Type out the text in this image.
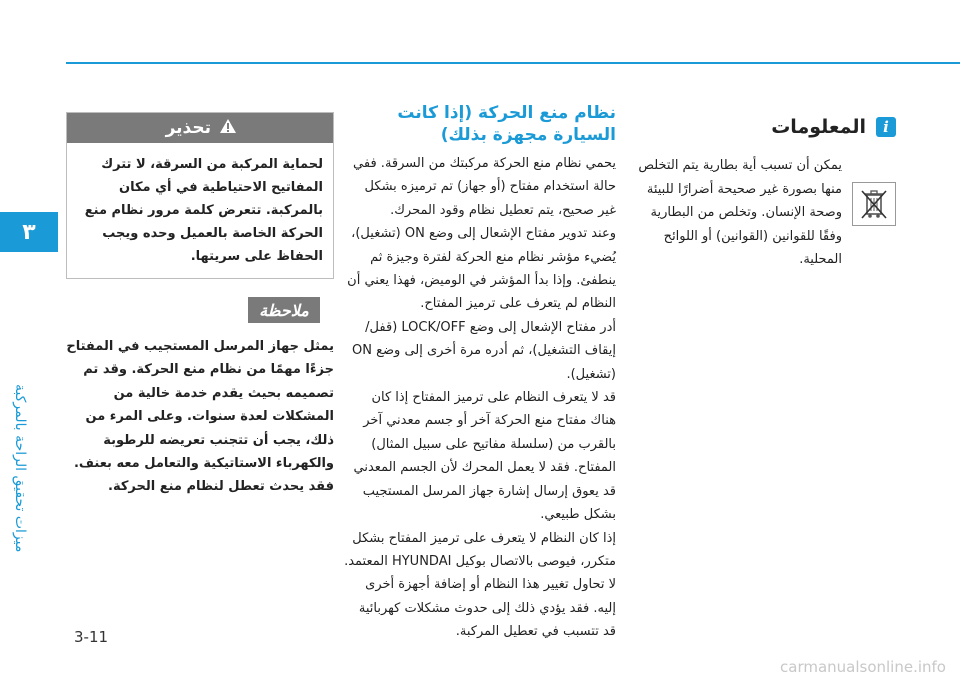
٣
ميزات تحقيق الراحة بالمركبة
i
المعلومات
يمكن أن تسبب أية بطارية يتم التخلص منها بصورة غير صحيحة أضرارًا للبيئة وصحة الإنسان. وتخلص من البطارية وفقًا للقوانين (القوانين) أو اللوائح المحلية.
نظام منع الحركة (إذا كانت السيارة مجهزة بذلك)
يحمي نظام منع الحركة مركبتك من السرقة. ففي حالة استخدام مفتاح (أو جهاز) تم ترميزه بشكل غير صحيح، يتم تعطيل نظام وقود المحرك.
وعند تدوير مفتاح الإشعال إلى وضع ON (تشغيل)، يُضيء مؤشر نظام منع الحركة لفترة وجيزة ثم ينطفئ. وإذا بدأ المؤشر في الوميض، فهذا يعني أن النظام لم يتعرف على ترميز المفتاح.
أدر مفتاح الإشعال إلى وضع LOCK/OFF (قفل/ إيقاف التشغيل)، ثم أدره مرة أخرى إلى وضع ON (تشغيل).
قد لا يتعرف النظام على ترميز المفتاح إذا كان هناك مفتاح منع الحركة آخر أو جسم معدني آخر بالقرب من (سلسلة مفاتيح على سبيل المثال) المفتاح. فقد لا يعمل المحرك لأن الجسم المعدني قد يعوق إرسال إشارة جهاز المرسل المستجيب بشكل طبيعي.
إذا كان النظام لا يتعرف على ترميز المفتاح بشكل متكرر، فيوصى بالاتصال بوكيل HYUNDAI المعتمد.
لا تحاول تغيير هذا النظام أو إضافة أجهزة أخرى إليه. فقد يؤدي ذلك إلى حدوث مشكلات كهربائية قد تتسبب في تعطيل المركبة.
تحذير
لحماية المركبة من السرقة، لا تترك المفاتيح الاحتياطية في أي مكان بالمركبة. تتعرض كلمة مرور نظام منع الحركة الخاصة بالعميل وحده ويجب الحفاظ على سريتها.
ملاحظة
يمثل جهاز المرسل المستجيب في المفتاح جزءًا مهمًا من نظام منع الحركة. وقد تم تصميمه بحيث يقدم خدمة خالية من المشكلات لعدة سنوات. وعلى المرء من ذلك، يجب أن تتجنب تعريضه للرطوبة والكهرباء الاستاتيكية والتعامل معه بعنف. فقد يحدث تعطل لنظام منع الحركة.
3-11
carmanualsonline.info
